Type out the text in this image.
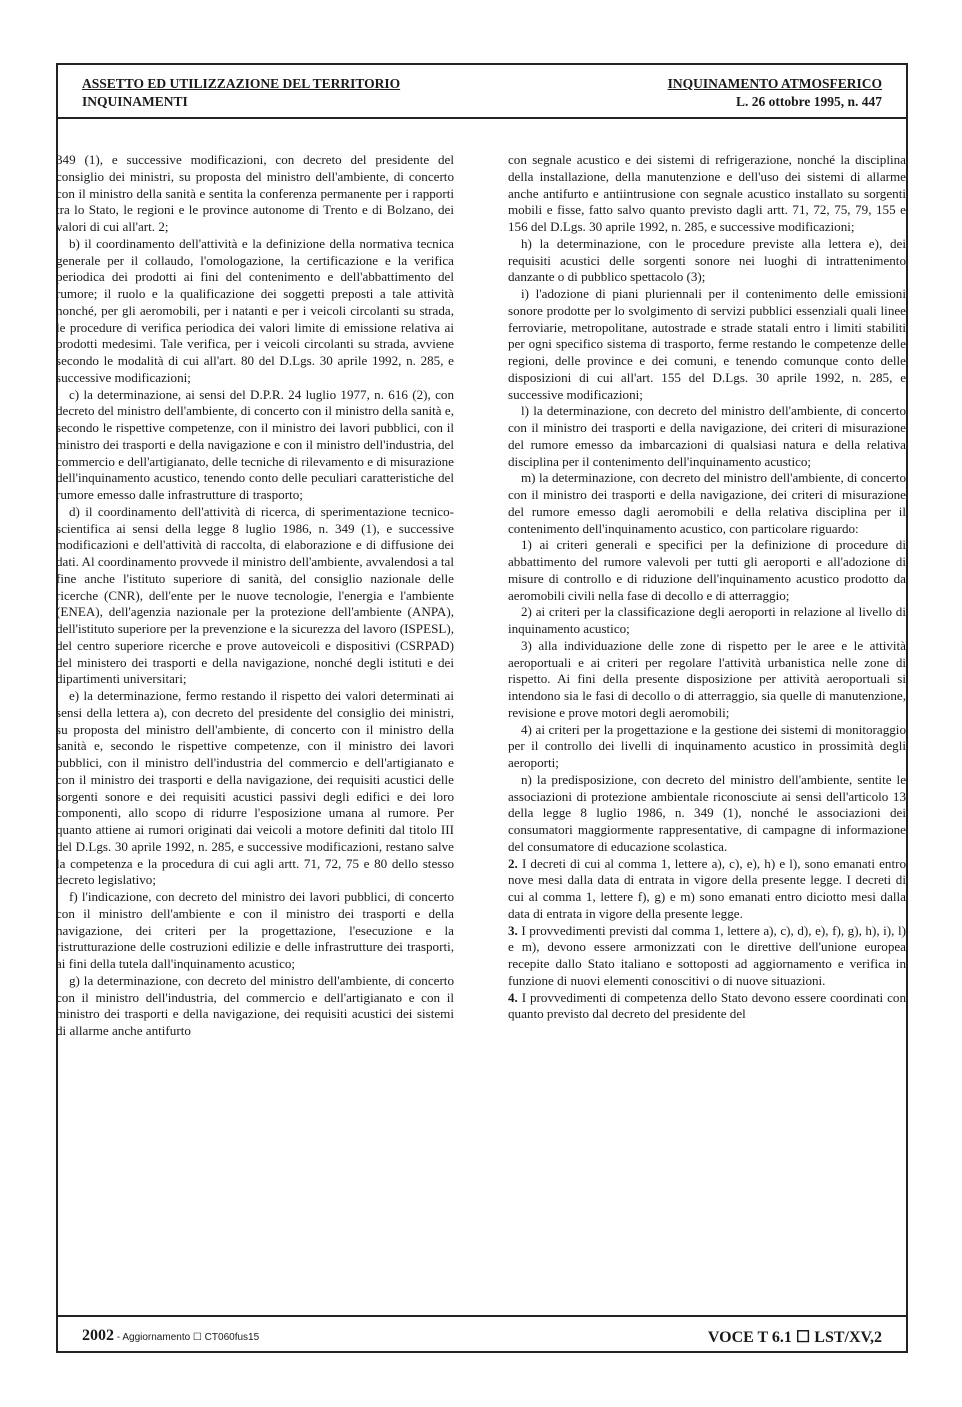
ASSETTO ED UTILIZZAZIONE DEL TERRITORIO
INQUINAMENTI
INQUINAMENTO ATMOSFERICO
L. 26 ottobre 1995, n. 447

349 (1), e successive modificazioni, con decreto del presidente del consiglio dei ministri, su proposta del ministro dell'ambiente, di concerto con il ministro della sanità e sentita la conferenza permanente per i rapporti tra lo Stato, le regioni e le province autonome di Trento e di Bolzano, dei valori di cui all'art. 2;

b) il coordinamento dell'attività e la definizione della normativa tecnica generale per il collaudo, l'omologazione, la certificazione e la verifica periodica dei prodotti ai fini del contenimento e dell'abbattimento del rumore; il ruolo e la qualificazione dei soggetti preposti a tale attività nonché, per gli aeromobili, per i natanti e per i veicoli circolanti su strada, le procedure di verifica periodica dei valori limite di emissione relativa ai prodotti medesimi. Tale verifica, per i veicoli circolanti su strada, avviene secondo le modalità di cui all'art. 80 del D.Lgs. 30 aprile 1992, n. 285, e successive modificazioni;

c) la determinazione, ai sensi del D.P.R. 24 luglio 1977, n. 616 (2), con decreto del ministro dell'ambiente, di concerto con il ministro della sanità e, secondo le rispettive competenze, con il ministro dei lavori pubblici, con il ministro dei trasporti e della navigazione e con il ministro dell'industria, del commercio e dell'artigianato, delle tecniche di rilevamento e di misurazione dell'inquinamento acustico, tenendo conto delle peculiari caratteristiche del rumore emesso dalle infrastrutture di trasporto;

d) il coordinamento dell'attività di ricerca, di sperimentazione tecnico-scientifica ai sensi della legge 8 luglio 1986, n. 349 (1), e successive modificazioni e dell'attività di raccolta, di elaborazione e di diffusione dei dati. Al coordinamento provvede il ministro dell'ambiente, avvalendosi a tal fine anche l'istituto superiore di sanità, del consiglio nazionale delle ricerche (CNR), dell'ente per le nuove tecnologie, l'energia e l'ambiente (ENEA), dell'agenzia nazionale per la protezione dell'ambiente (ANPA), dell'istituto superiore per la prevenzione e la sicurezza del lavoro (ISPESL), del centro superiore ricerche e prove autoveicoli e dispositivi (CSRPAD) del ministero dei trasporti e della navigazione, nonché degli istituti e dei dipartimenti universitari;

e) la determinazione, fermo restando il rispetto dei valori determinati ai sensi della lettera a), con decreto del presidente del consiglio dei ministri, su proposta del ministro dell'ambiente, di concerto con il ministro della sanità e, secondo le rispettive competenze, con il ministro dei lavori pubblici, con il ministro dell'industria del commercio e dell'artigianato e con il ministro dei trasporti e della navigazione, dei requisiti acustici delle sorgenti sonore e dei requisiti acustici passivi degli edifici e dei loro componenti, allo scopo di ridurre l'esposizione umana al rumore. Per quanto attiene ai rumori originati dai veicoli a motore definiti dal titolo III del D.Lgs. 30 aprile 1992, n. 285, e successive modificazioni, restano salve la competenza e la procedura di cui agli artt. 71, 72, 75 e 80 dello stesso decreto legislativo;

f) l'indicazione, con decreto del ministro dei lavori pubblici, di concerto con il ministro dell'ambiente e con il ministro dei trasporti e della navigazione, dei criteri per la progettazione, l'esecuzione e la ristrutturazione delle costruzioni edilizie e delle infrastrutture dei trasporti, ai fini della tutela dall'inquinamento acustico;

g) la determinazione, con decreto del ministro dell'ambiente, di concerto con il ministro dell'industria, del commercio e dell'artigianato e con il ministro dei trasporti e della navigazione, dei requisiti acustici dei sistemi di allarme anche antifurto

con segnale acustico e dei sistemi di refrigerazione, nonché la disciplina della installazione, della manutenzione e dell'uso dei sistemi di allarme anche antifurto e antiintrusione con segnale acustico installato su sorgenti mobili e fisse, fatto salvo quanto previsto dagli artt. 71, 72, 75, 79, 155 e 156 del D.Lgs. 30 aprile 1992, n. 285, e successive modificazioni;

h) la determinazione, con le procedure previste alla lettera e), dei requisiti acustici delle sorgenti sonore nei luoghi di intrattenimento danzante o di pubblico spettacolo (3);

i) l'adozione di piani pluriennali per il contenimento delle emissioni sonore prodotte per lo svolgimento di servizi pubblici essenziali quali linee ferroviarie, metropolitane, autostrade e strade statali entro i limiti stabiliti per ogni specifico sistema di trasporto, ferme restando le competenze delle regioni, delle province e dei comuni, e tenendo comunque conto delle disposizioni di cui all'art. 155 del D.Lgs. 30 aprile 1992, n. 285, e successive modificazioni;

l) la determinazione, con decreto del ministro dell'ambiente, di concerto con il ministro dei trasporti e della navigazione, dei criteri di misurazione del rumore emesso da imbarcazioni di qualsiasi natura e della relativa disciplina per il contenimento dell'inquinamento acustico;

m) la determinazione, con decreto del ministro dell'ambiente, di concerto con il ministro dei trasporti e della navigazione, dei criteri di misurazione del rumore emesso dagli aeromobili e della relativa disciplina per il contenimento dell'inquinamento acustico, con particolare riguardo:

1) ai criteri generali e specifici per la definizione di procedure di abbattimento del rumore valevoli per tutti gli aeroporti e all'adozione di misure di controllo e di riduzione dell'inquinamento acustico prodotto da aeromobili civili nella fase di decollo e di atterraggio;

2) ai criteri per la classificazione degli aeroporti in relazione al livello di inquinamento acustico;

3) alla individuazione delle zone di rispetto per le aree e le attività aeroportuali e ai criteri per regolare l'attività urbanistica nelle zone di rispetto. Ai fini della presente disposizione per attività aeroportuali si intendono sia le fasi di decollo o di atterraggio, sia quelle di manutenzione, revisione e prove motori degli aeromobili;

4) ai criteri per la progettazione e la gestione dei sistemi di monitoraggio per il controllo dei livelli di inquinamento acustico in prossimità degli aeroporti;

n) la predisposizione, con decreto del ministro dell'ambiente, sentite le associazioni di protezione ambientale riconosciute ai sensi dell'articolo 13 della legge 8 luglio 1986, n. 349 (1), nonché le associazioni dei consumatori maggiormente rappresentative, di campagne di informazione del consumatore di educazione scolastica.

2. I decreti di cui al comma 1, lettere a), c), e), h) e l), sono emanati entro nove mesi dalla data di entrata in vigore della presente legge. I decreti di cui al comma 1, lettere f), g) e m) sono emanati entro diciotto mesi dalla data di entrata in vigore della presente legge.

3. I provvedimenti previsti dal comma 1, lettere a), c), d), e), f), g), h), i), l) e m), devono essere armonizzati con le direttive dell'unione europea recepite dallo Stato italiano e sottoposti ad aggiornamento e verifica in funzione di nuovi elementi conoscitivi o di nuove situazioni.

4. I provvedimenti di competenza dello Stato devono essere coordinati con quanto previsto dal decreto del presidente del

2002 - Aggiornamento ☐ CT060fus15	VOCE T 6.1 ☐ LST/XV,2
